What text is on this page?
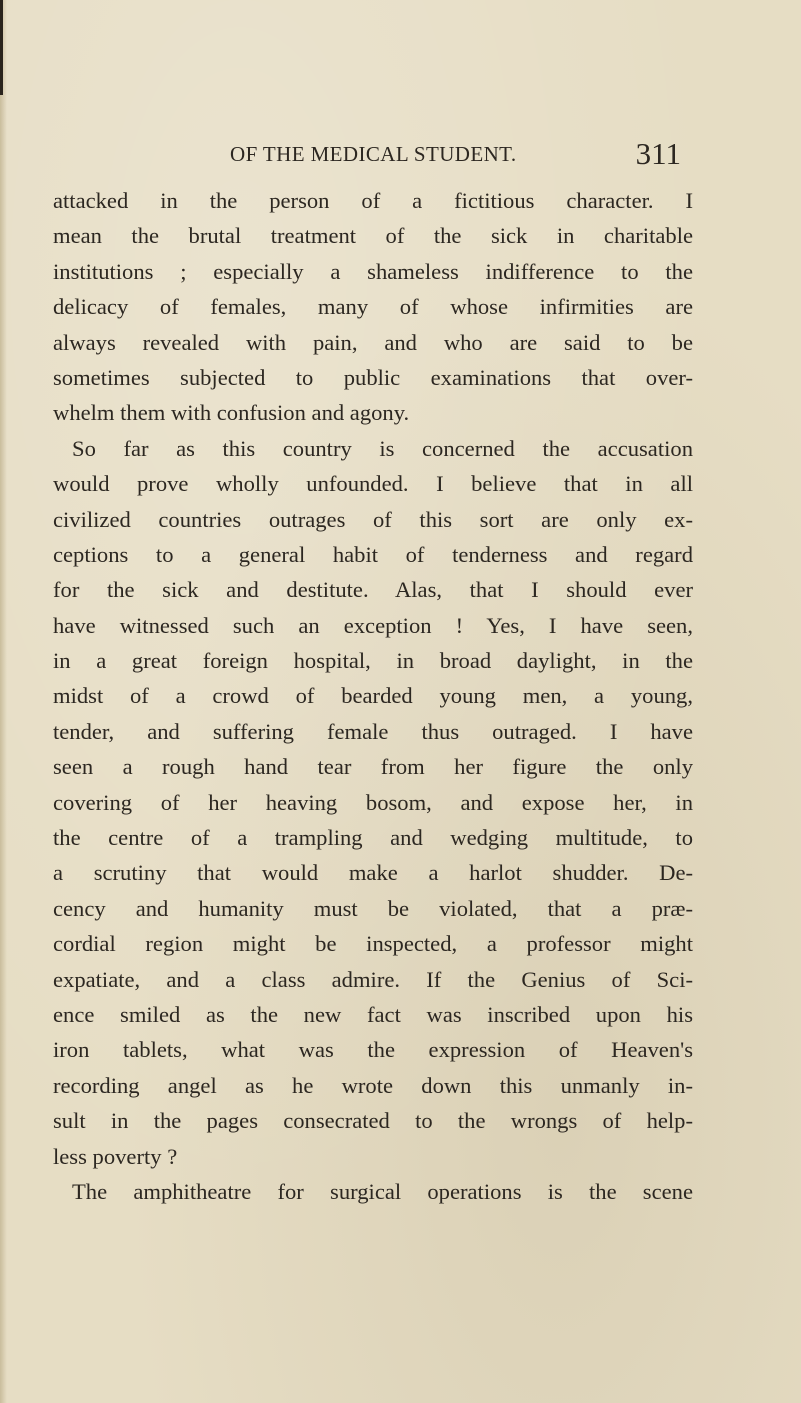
OF THE MEDICAL STUDENT.	311
attacked in the person of a fictitious character. I
mean the brutal treatment of the sick in charitable
institutions ; especially a shameless indifference to the
delicacy of females, many of whose infirmities are
always revealed with pain, and who are said to be
sometimes subjected to public examinations that over-
whelm them with confusion and agony.
So far as this country is concerned the accusation
would prove wholly unfounded. I believe that in all
civilized countries outrages of this sort are only ex-
ceptions to a general habit of tenderness and regard
for the sick and destitute. Alas, that I should ever
have witnessed such an exception ! Yes, I have seen,
in a great foreign hospital, in broad daylight, in the
midst of a crowd of bearded young men, a young,
tender, and suffering female thus outraged. I have
seen a rough hand tear from her figure the only
covering of her heaving bosom, and expose her, in
the centre of a trampling and wedging multitude, to
a scrutiny that would make a harlot shudder. De-
cency and humanity must be violated, that a præ-
cordial region might be inspected, a professor might
expatiate, and a class admire. If the Genius of Sci-
ence smiled as the new fact was inscribed upon his
iron tablets, what was the expression of Heaven's
recording angel as he wrote down this unmanly in-
sult in the pages consecrated to the wrongs of help-
less poverty ?
The amphitheatre for surgical operations is the scene
